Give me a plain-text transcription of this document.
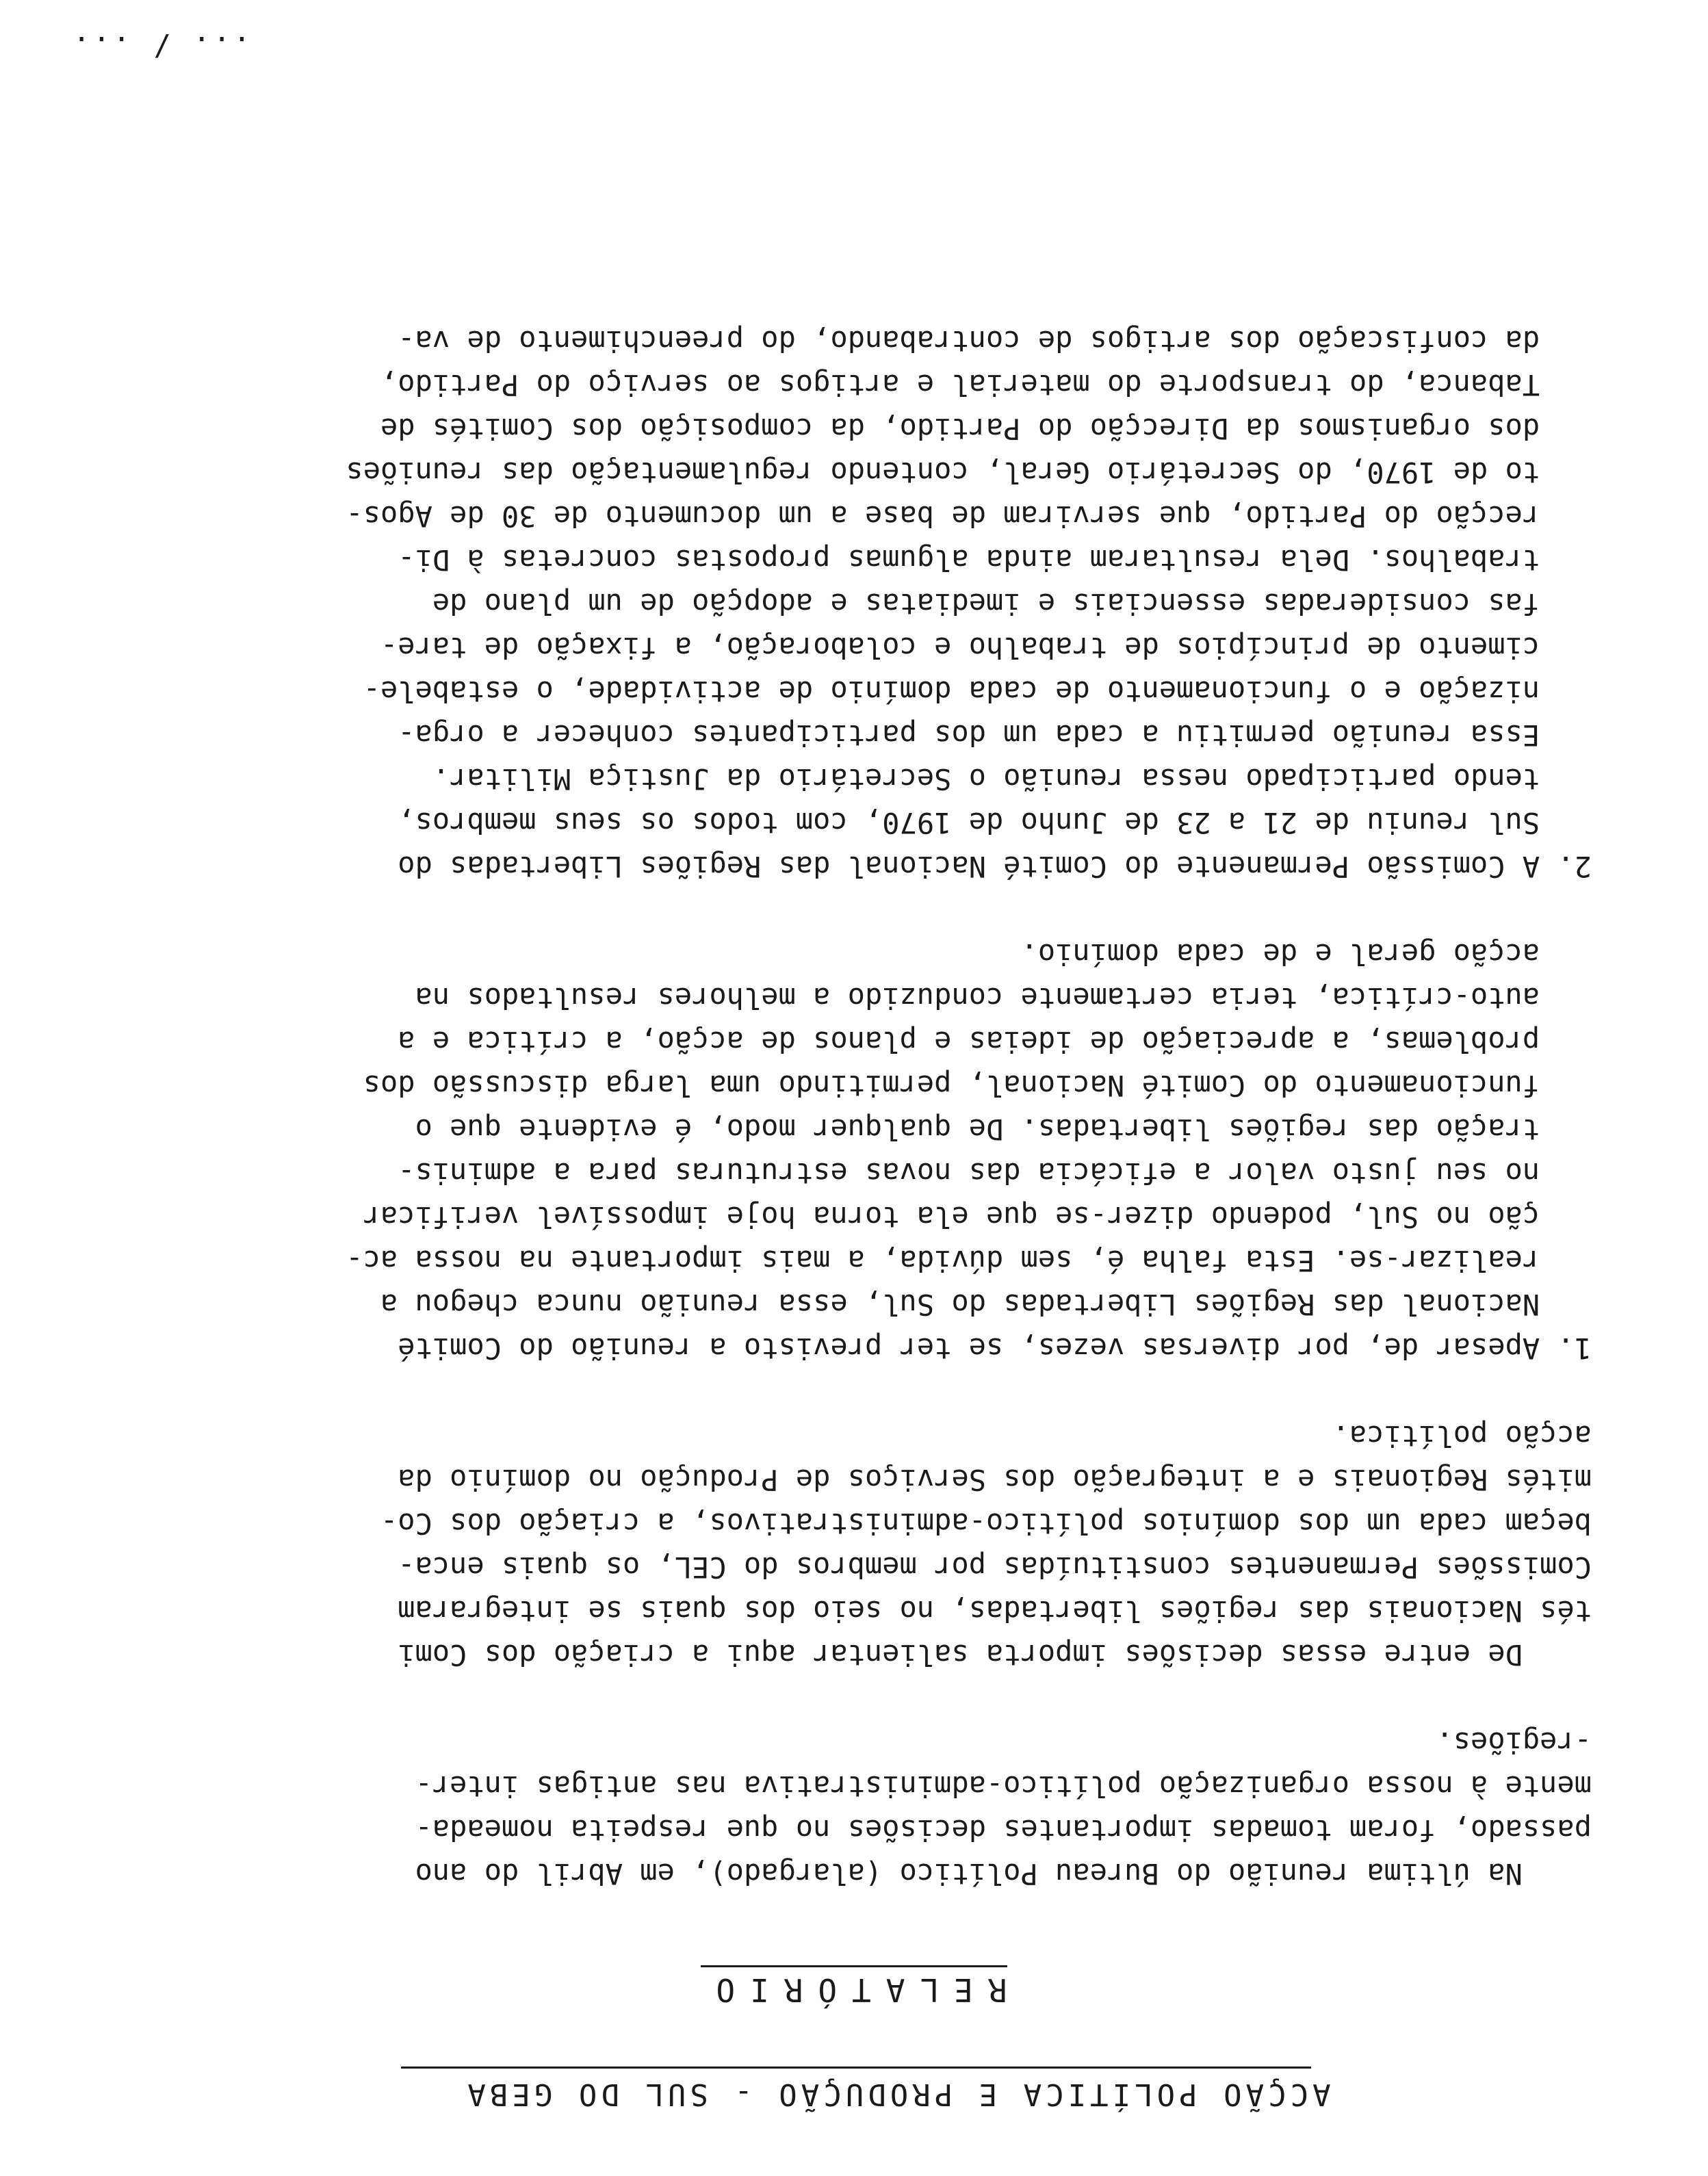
ACÇÃO POLÍTICA E PRODUÇÃO - SUL DO GEBA
RELATÓRIO
Na última reunião do Bureau Político (alargado), em Abril do ano
passado, foram tomadas importantes decisões no que respeita nomeada-
mente à nossa organização político-administrativa nas antigas inter-
-regiões.
De entre essas decisões importa salientar aqui a criação dos Comi
tés Nacionais das regiões libertadas, no seio dos quais se integraram
Comissões Permanentes constituídas por membros do CEL, os quais enca-
beçam cada um dos domínios político-administrativos, a criação dos Co-
mités Regionais e a integração dos Serviços de Produção no domínio da
acção política.
1. Apesar de, por diversas vezes, se ter previsto a reunião do Comité
Nacional das Regiões Libertadas do Sul, essa reunião nunca chegou a
realizar-se. Esta falha é, sem dúvida, a mais importante na nossa ac-
ção no Sul, podendo dizer-se que ela torna hoje impossível verificar
no seu justo valor a eficácia das novas estruturas para a adminis-
tração das regiões libertadas. De qualquer modo, é evidente que o
funcionamento do Comité Nacional, permitindo uma larga discussão dos
problemas, a apreciação de ideias e planos de acção, a crítica e a
auto-crítica, teria certamente conduzido a melhores resultados na
acção geral e de cada domínio.
2. A Comissão Permanente do Comité Nacional das Regiões Libertadas do
Sul reuniu de 21 a 23 de Junho de 1970, com todos os seus membros,
tendo participado nessa reunião o Secretário da Justiça Militar.
Essa reunião permitiu a cada um dos participantes conhecer a orga-
nização e o funcionamento de cada domínio de actividade, o estabele-
cimento de princípios de trabalho e colaboração, a fixação de tare-
fas consideradas essenciais e imediatas e adopção de um plano de
trabalhos. Dela resultaram ainda algumas propostas concretas à Di-
recção do Partido, que serviram de base a um documento de 30 de Agos-
to de 1970, do Secretário Geral, contendo regulamentação das reuniões
dos organismos da Direcção do Partido, da composição dos Comités de
Tabanca, do transporte do material e artigos ao serviço do Partido,
da confiscação dos artigos de contrabando, do preenchimento de va-
... / ...
